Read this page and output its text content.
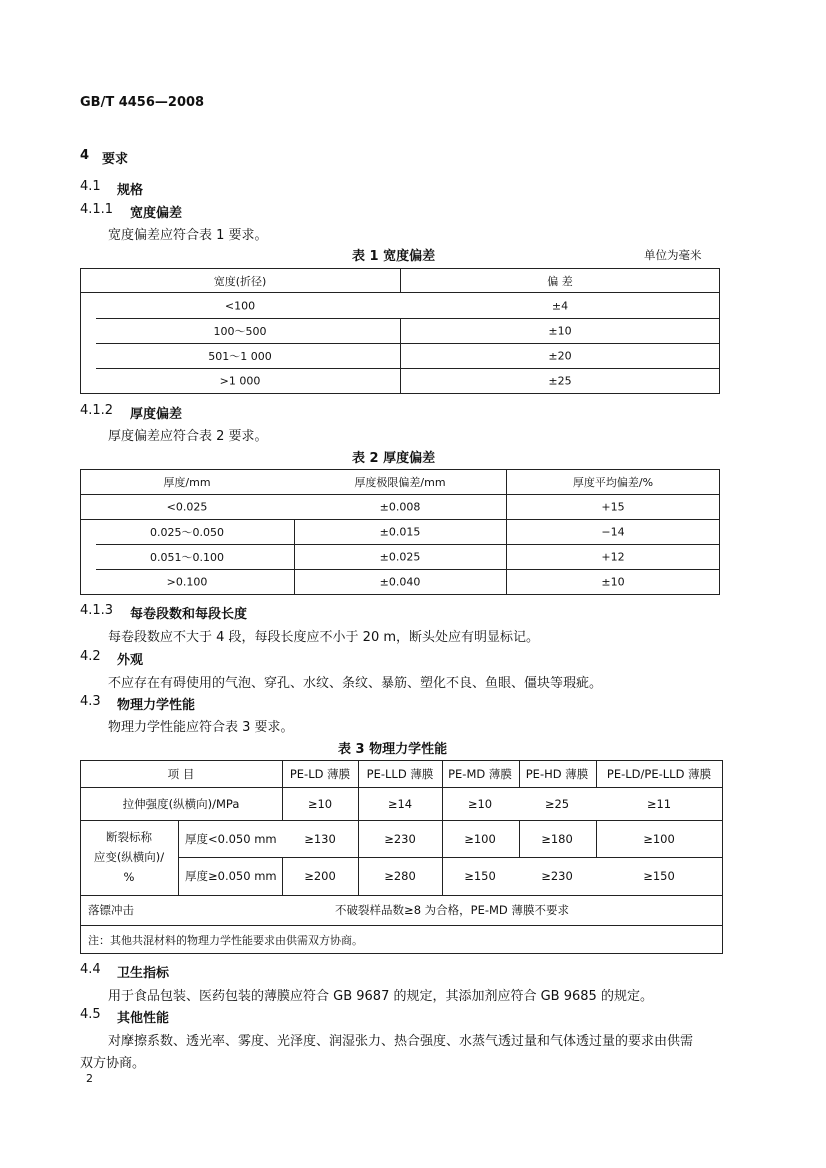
GB/T 4456—2008
4 要求
4.1 规格
4.1.1 宽度偏差
宽度偏差应符合表 1 要求。
表 1 宽度偏差	单位为毫米
宽度(折径)	偏 差
<100	±4
100～500	±10
501～1 000	±20
>1 000	±25
4.1.2 厚度偏差
厚度偏差应符合表 2 要求。
表 2 厚度偏差
厚度/mm	厚度极限偏差/mm	厚度平均偏差/%
<0.025	±0.008	+15
0.025～0.050	±0.015	−14
0.051～0.100	±0.025	+12
>0.100	±0.040	±10
4.1.3 每卷段数和每段长度
每卷段数应不大于 4 段，每段长度应不小于 20 m，断头处应有明显标记。
4.2 外观
不应存在有碍使用的气泡、穿孔、水纹、条纹、暴筋、塑化不良、鱼眼、僵块等瑕疵。
4.3 物理力学性能
物理力学性能应符合表 3 要求。
表 3 物理力学性能
项 目	PE-LD 薄膜 PE-LLD 薄膜 PE-MD 薄膜 PE-HD 薄膜 PE-LD/PE-LLD 薄膜
拉伸强度(纵横向)/MPa	≥10	≥14	≥10	≥25	≥11
断裂标称
应变(纵横向)/
%
厚度<0.050 mm ≥130	≥230	≥100	≥180	≥100
厚度≥0.050 mm ≥200	≥280	≥150	≥230	≥150
落镖冲击	不破裂样品数≥8 为合格，PE-MD 薄膜不要求
注：其他共混材料的物理力学性能要求由供需双方协商。
4.4 卫生指标
用于食品包装、医药包装的薄膜应符合 GB 9687 的规定，其添加剂应符合 GB 9685 的规定。
4.5 其他性能
对摩擦系数、透光率、雾度、光泽度、润湿张力、热合强度、水蒸气透过量和气体透过量的要求由供需
双方协商。
2
